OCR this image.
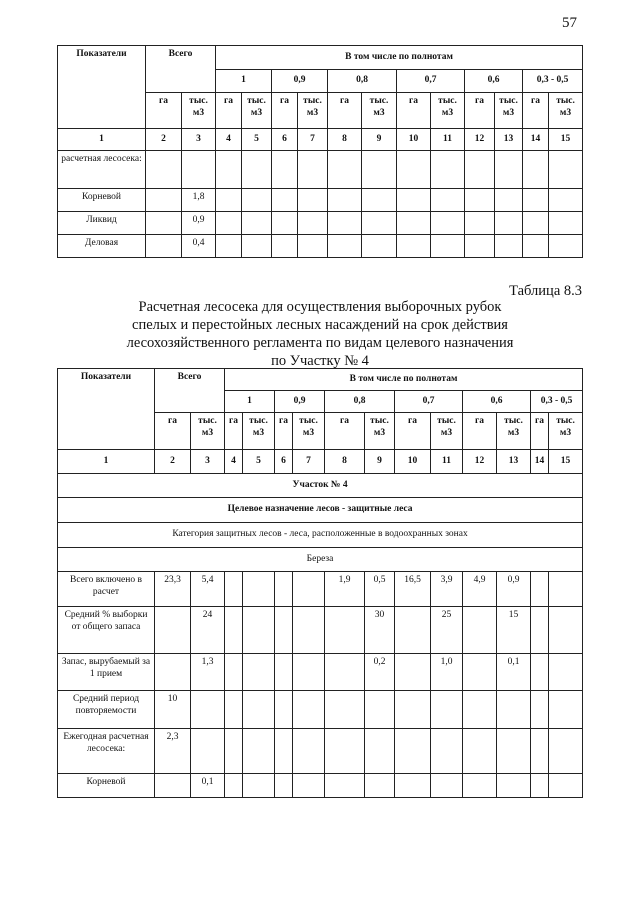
57
Показатели	Всего		В том числе по полнотам											
			1		0,9		0,8		0,7		0,6		0,3 - 0,5	
	га	тыс. м3	га	тыс. м3	га	тыс. м3	га	тыс. м3	га	тыс. м3	га	тыс. м3	га	тыс. м3
1	2	3	4	5	6	7	8	9	10	11	12	13	14	15
расчетная лесосека:														
Корневой		1,8												
Ликвид		0,9												
Деловая		0,4												
Таблица 8.3
Расчетная лесосека для осуществления выборочных рубок
спелых и перестойных лесных насаждений на срок действия
лесохозяйственного регламента по видам целевого назначения
по Участку № 4
Показатели	Всего		В том числе по полнотам											
			1		0,9		0,8		0,7		0,6		0,3 - 0,5	
	га	тыс. м3	га	тыс. м3	га	тыс. м3	га	тыс. м3	га	тыс. м3	га	тыс. м3	га	тыс. м3
1	2	3	4	5	6	7	8	9	10	11	12	13	14	15
Участок № 4														
Целевое назначение лесов - защитные леса														
Категория защитных лесов - леса, расположенные в водоохранных зонах														
Береза														
Всего включено в расчет	23,3	5,4					1,9	0,5	16,5	3,9	4,9	0,9		
Средний % выборки от общего запаса		24						30		25		15		
Запас, вырубаемый за 1 прием		1,3						0,2		1,0		0,1		
Средний период повторяемости	10													
Ежегодная расчетная лесосека:	2,3													
Корневой		0,1												
